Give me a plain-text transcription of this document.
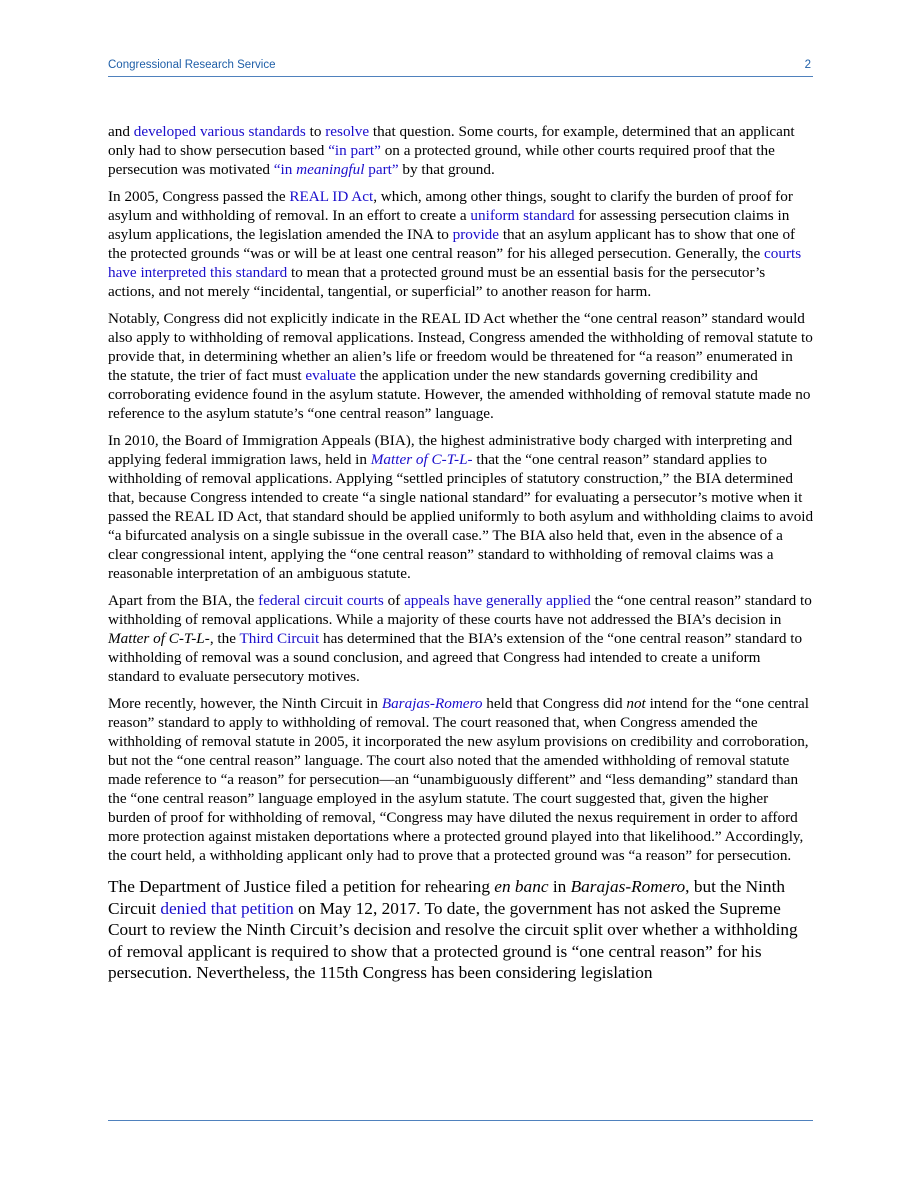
Congressional Research Service	2

and developed various standards to resolve that question. Some courts, for example, determined that an applicant only had to show persecution based “in part” on a protected ground, while other courts required proof that the persecution was motivated “in meaningful part” by that ground.

In 2005, Congress passed the REAL ID Act, which, among other things, sought to clarify the burden of proof for asylum and withholding of removal. In an effort to create a uniform standard for assessing persecution claims in asylum applications, the legislation amended the INA to provide that an asylum applicant has to show that one of the protected grounds “was or will be at least one central reason” for his alleged persecution. Generally, the courts have interpreted this standard to mean that a protected ground must be an essential basis for the persecutor’s actions, and not merely “incidental, tangential, or superficial” to another reason for harm.

Notably, Congress did not explicitly indicate in the REAL ID Act whether the “one central reason” standard would also apply to withholding of removal applications. Instead, Congress amended the withholding of removal statute to provide that, in determining whether an alien’s life or freedom would be threatened for “a reason” enumerated in the statute, the trier of fact must evaluate the application under the new standards governing credibility and corroborating evidence found in the asylum statute. However, the amended withholding of removal statute made no reference to the asylum statute’s “one central reason” language.

In 2010, the Board of Immigration Appeals (BIA), the highest administrative body charged with interpreting and applying federal immigration laws, held in Matter of C-T-L- that the “one central reason” standard applies to withholding of removal applications. Applying “settled principles of statutory construction,” the BIA determined that, because Congress intended to create “a single national standard” for evaluating a persecutor’s motive when it passed the REAL ID Act, that standard should be applied uniformly to both asylum and withholding claims to avoid “a bifurcated analysis on a single subissue in the overall case.” The BIA also held that, even in the absence of a clear congressional intent, applying the “one central reason” standard to withholding of removal claims was a reasonable interpretation of an ambiguous statute.

Apart from the BIA, the federal circuit courts of appeals have generally applied the “one central reason” standard to withholding of removal applications. While a majority of these courts have not addressed the BIA’s decision in Matter of C-T-L-, the Third Circuit has determined that the BIA’s extension of the “one central reason” standard to withholding of removal was a sound conclusion, and agreed that Congress had intended to create a uniform standard to evaluate persecutory motives.

More recently, however, the Ninth Circuit in Barajas-Romero held that Congress did not intend for the “one central reason” standard to apply to withholding of removal. The court reasoned that, when Congress amended the withholding of removal statute in 2005, it incorporated the new asylum provisions on credibility and corroboration, but not the “one central reason” language. The court also noted that the amended withholding of removal statute made reference to “a reason” for persecution—an “unambiguously different” and “less demanding” standard than the “one central reason” language employed in the asylum statute. The court suggested that, given the higher burden of proof for withholding of removal, “Congress may have diluted the nexus requirement in order to afford more protection against mistaken deportations where a protected ground played into that likelihood.” Accordingly, the court held, a withholding applicant only had to prove that a protected ground was “a reason” for persecution.

The Department of Justice filed a petition for rehearing en banc in Barajas-Romero, but the Ninth Circuit denied that petition on May 12, 2017. To date, the government has not asked the Supreme Court to review the Ninth Circuit’s decision and resolve the circuit split over whether a withholding of removal applicant is required to show that a protected ground is “one central reason” for his persecution. Nevertheless, the 115th Congress has been considering legislation
